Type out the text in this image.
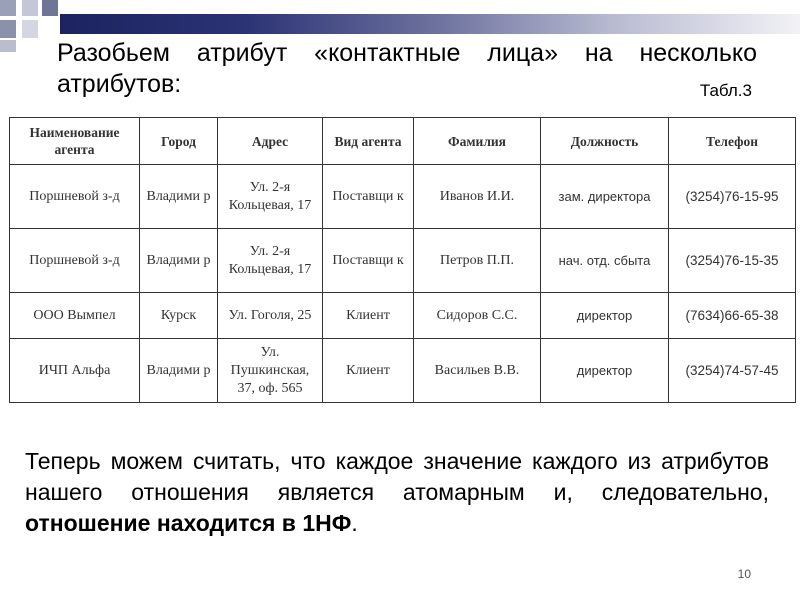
Разобьем атрибут «контактные лица» на несколько атрибутов:	Табл.3
Наименование агента	Город	Адрес	Вид агента	Фамилия	Должность	Телефон
Поршневой з-д	Владими р	Ул. 2-я Кольцевая, 17	Поставщи к	Иванов И.И.	зам. директора	(3254)76-15-95
Поршневой з-д	Владими р	Ул. 2-я Кольцевая, 17	Поставщи к	Петров П.П.	нач. отд. сбыта	(3254)76-15-35
ООО Вымпел	Курск	Ул. Гоголя, 25	Клиент	Сидоров С.С.	директор	(7634)66-65-38
ИЧП Альфа	Владими р	Ул. Пушкинская, 37, оф. 565	Клиент	Васильев В.В.	директор	(3254)74-57-45
Теперь можем считать, что каждое значение каждого из атрибутов нашего отношения является атомарным и, следовательно, отношение находится в 1НФ.
10
